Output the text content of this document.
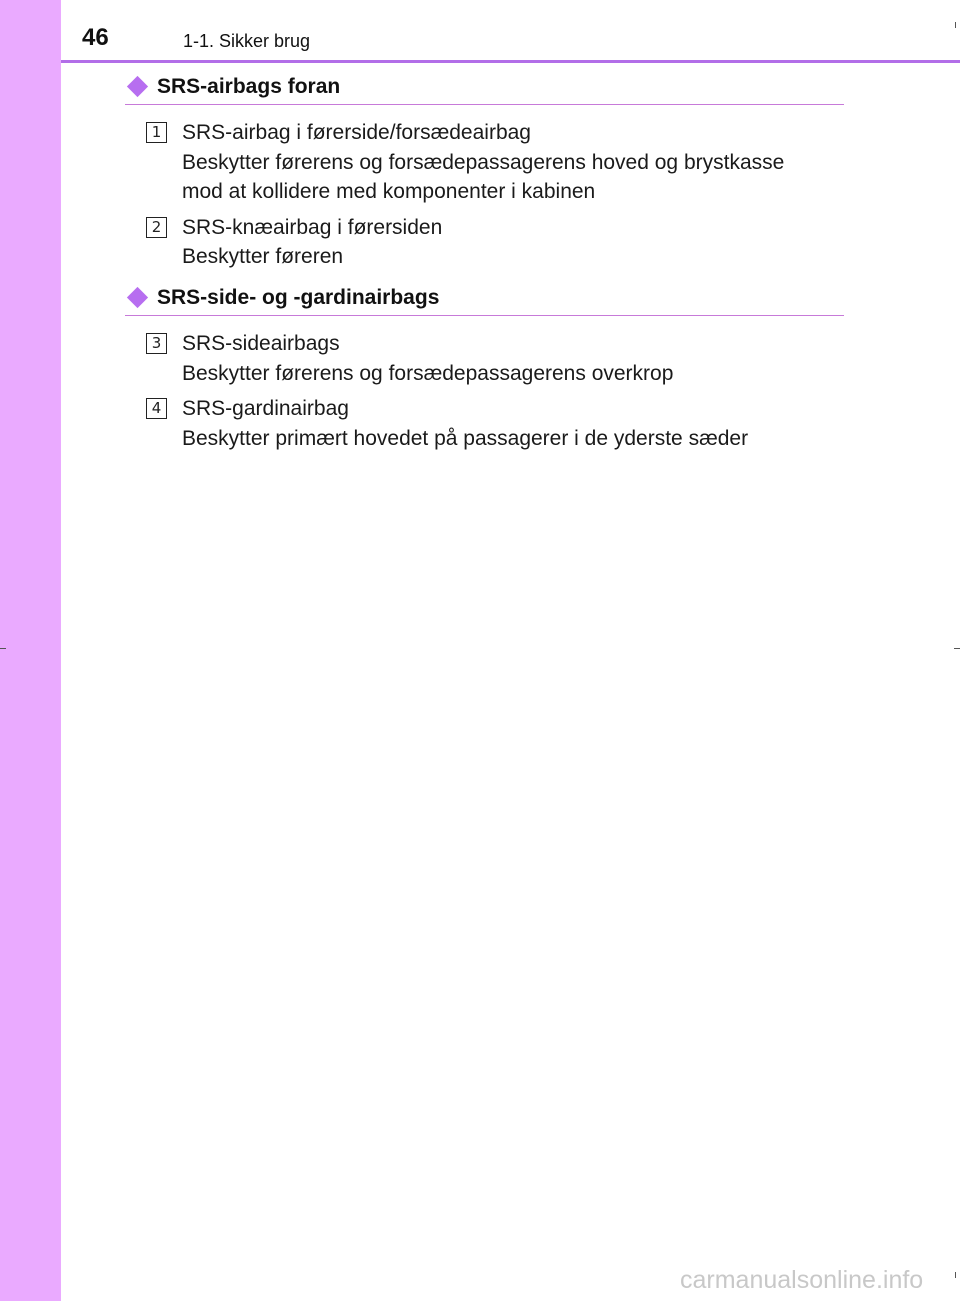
46	1-1. Sikker brug
SRS-airbags foran
1 SRS-airbag i førerside/forsædeairbag
Beskytter førerens og forsædepassagerens hoved og brystkasse
mod at kollidere med komponenter i kabinen
2 SRS-knæairbag i førersiden
Beskytter føreren
SRS-side- og -gardinairbags
3 SRS-sideairbags
Beskytter førerens og forsædepassagerens overkrop
4 SRS-gardinairbag
Beskytter primært hovedet på passagerer i de yderste sæder
carmanualsonline.info
